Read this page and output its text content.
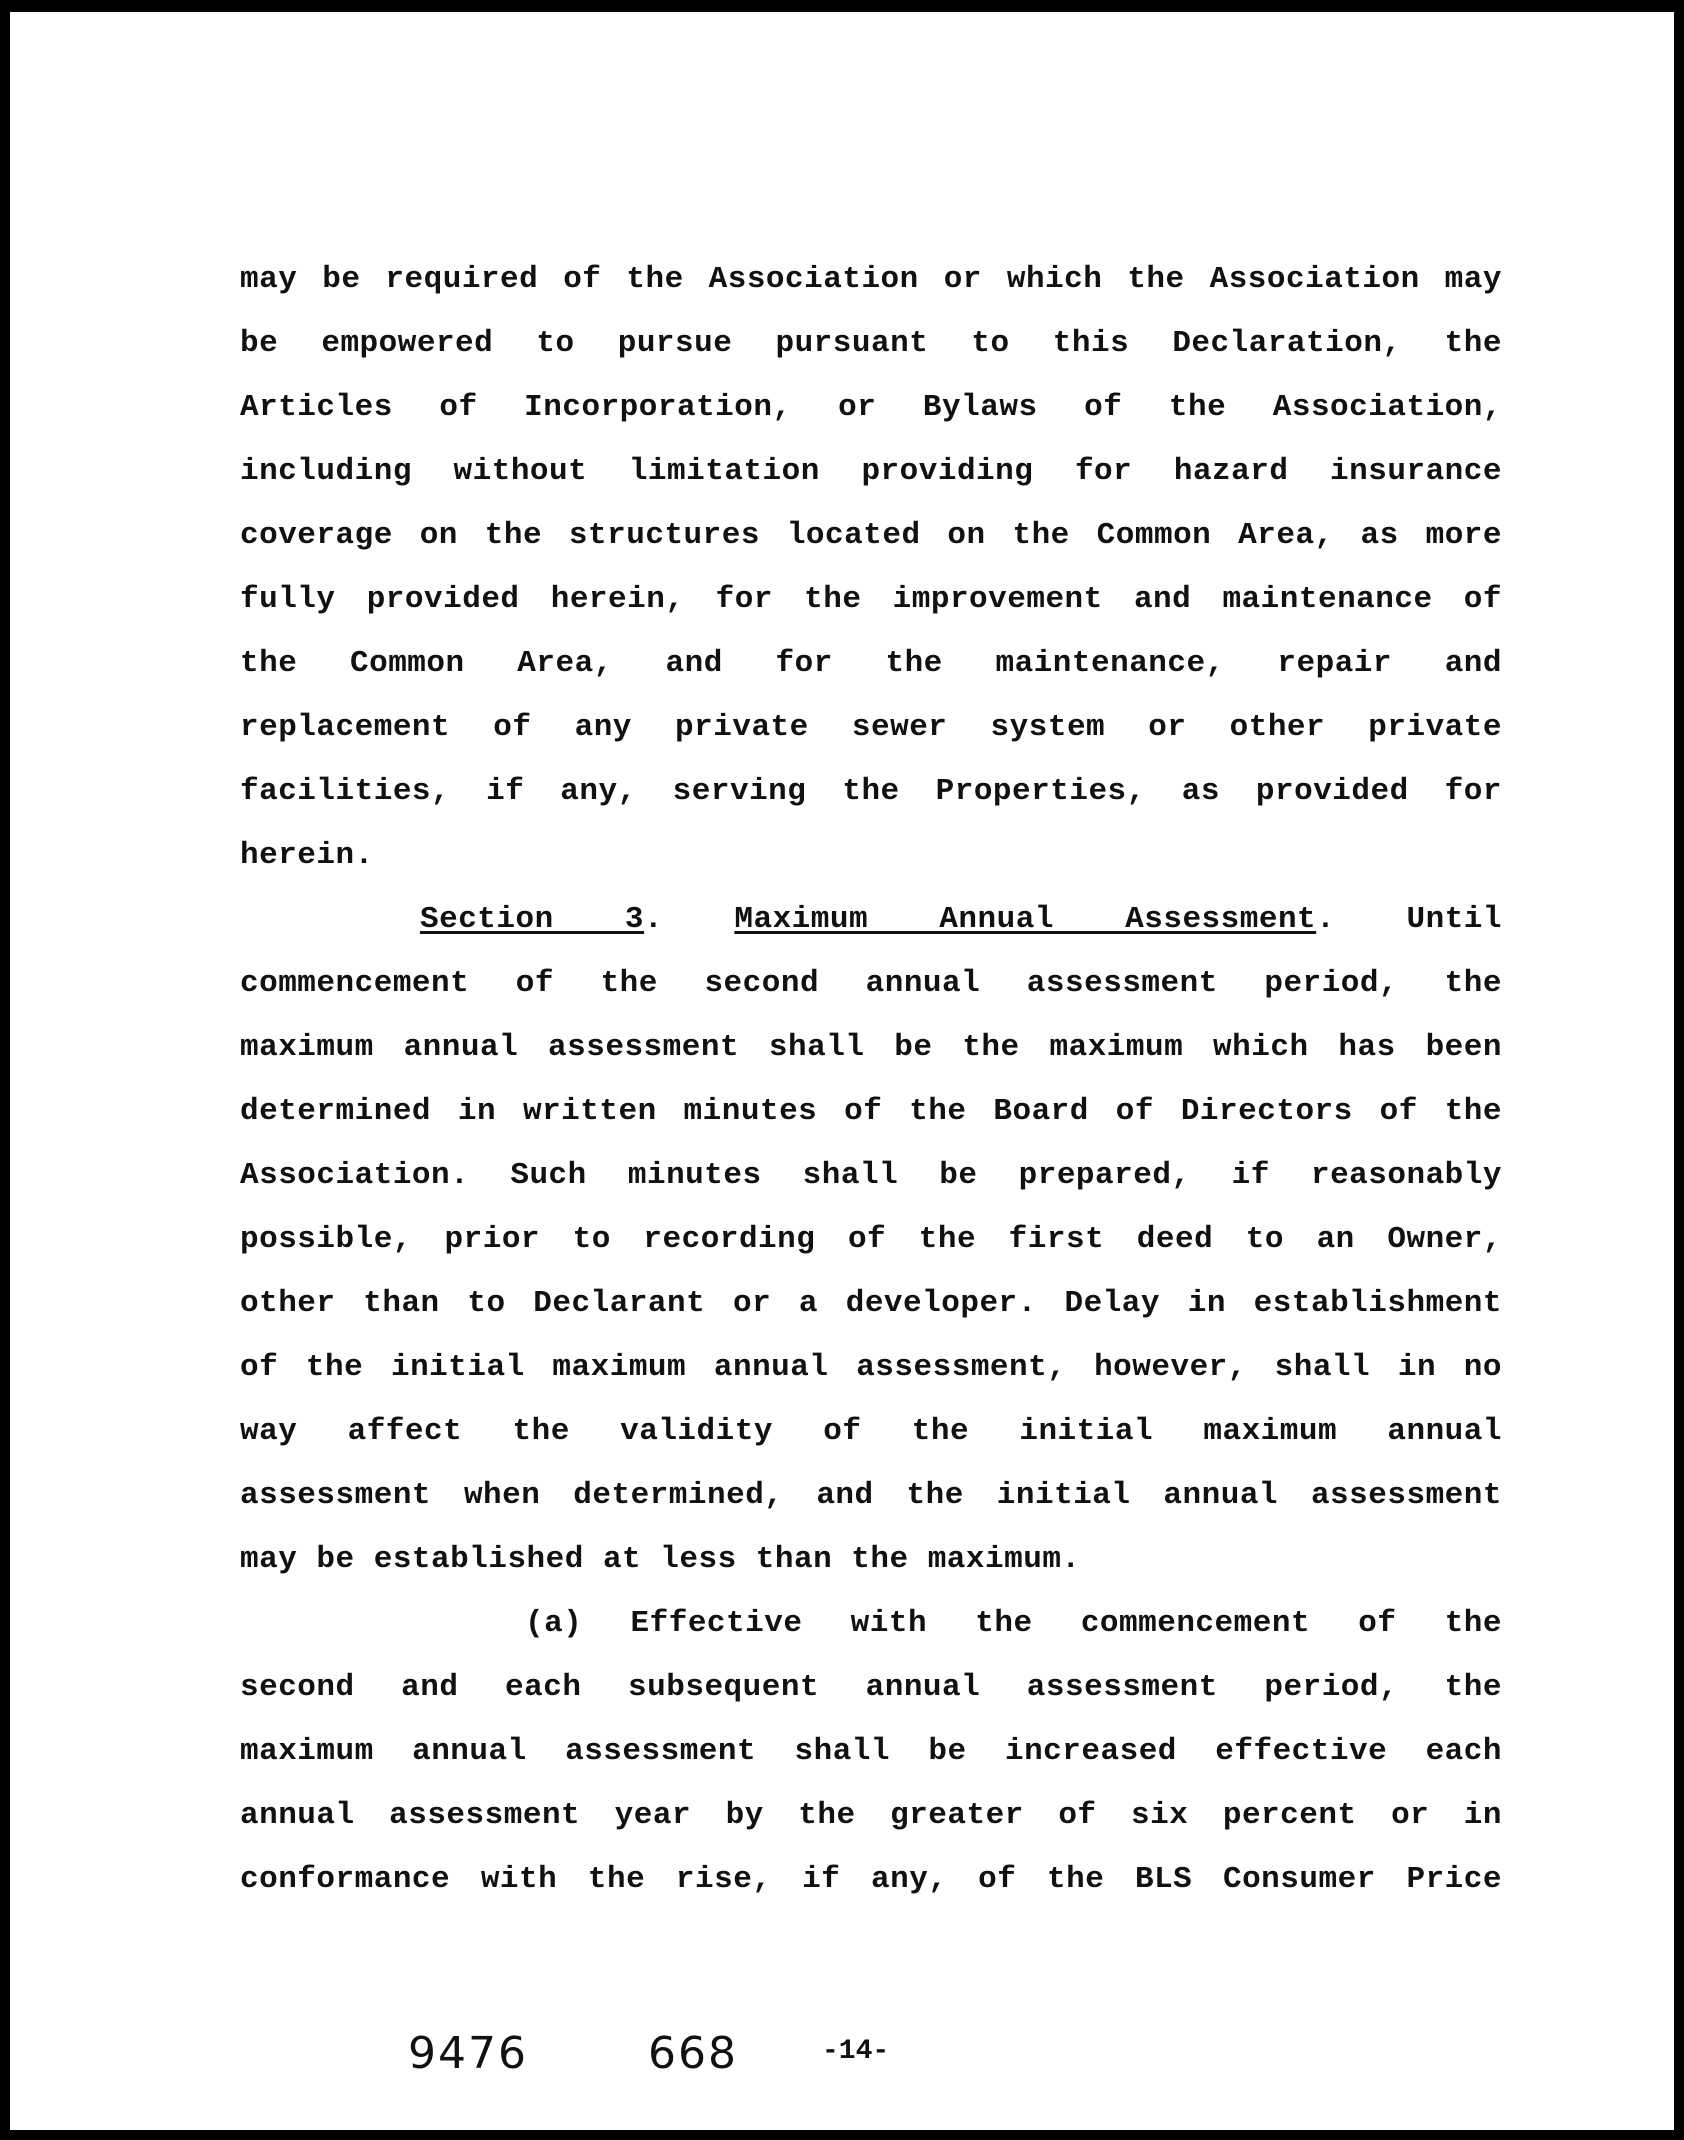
may be required of the Association or which the Association may
be empowered to pursue pursuant to this Declaration, the
Articles of Incorporation, or Bylaws of the Association,
including without limitation providing for hazard insurance
coverage on the structures located on the Common Area, as more
fully provided herein, for the improvement and maintenance of
the Common Area, and for the maintenance, repair and
replacement of any private sewer system or other private
facilities, if any, serving the Properties, as provided for
herein.
Section 3. Maximum Annual Assessment. Until
commencement of the second annual assessment period, the
maximum annual assessment shall be the maximum which has been
determined in written minutes of the Board of Directors of the
Association. Such minutes shall be prepared, if reasonably
possible, prior to recording of the first deed to an Owner,
other than to Declarant or a developer. Delay in establishment
of the initial maximum annual assessment, however, shall in no
way affect the validity of the initial maximum annual
assessment when determined, and the initial annual assessment
may be established at less than the maximum.
(a) Effective with the commencement of the
second and each subsequent annual assessment period, the
maximum annual assessment shall be increased effective each
annual assessment year by the greater of six percent or in
conformance with the rise, if any, of the BLS Consumer Price
9476	668	-14-
